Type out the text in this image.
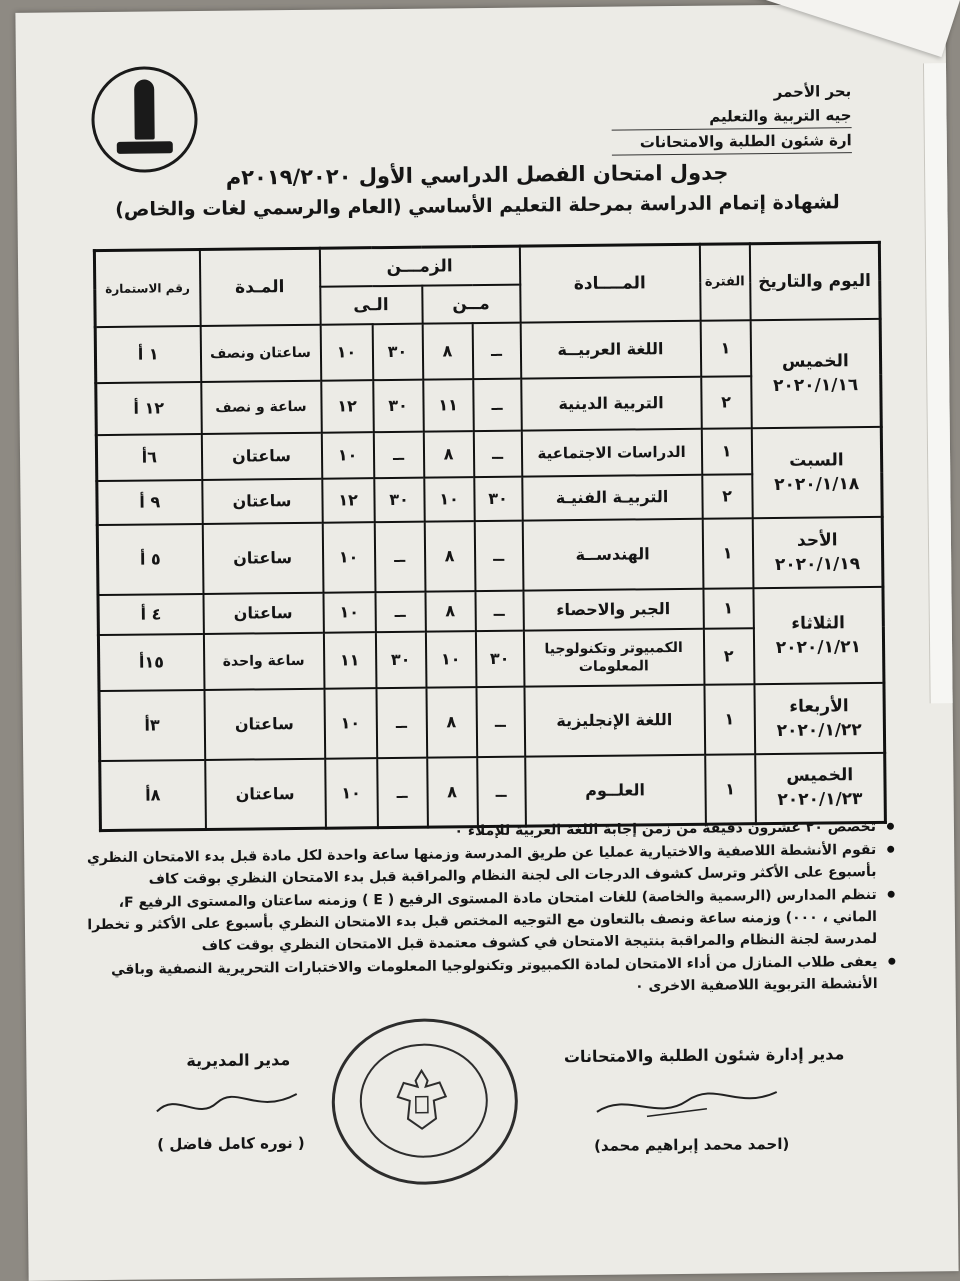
بحر الأحمر
جيه التربية والتعليم
ارة شئون الطلبة والامتحانات
جدول امتحان الفصل الدراسي الأول ٢٠١٩/٢٠٢٠م
لشهادة إتمام الدراسة بمرحلة التعليم الأساسي (العام والرسمي لغات والخاص)
اليوم والتاريخ	الفترة	المــــادة	الزمـــن				المـدة	رقم الاستمارة
			مــن		الـى			

الخميس
٢٠٢٠/١/١٦	١	اللغة العربيــة	ــ	٨	٣٠	١٠	ساعتان ونصف	١ أ
	٢	التربية الدينية	ــ	١١	٣٠	١٢	ساعة و نصف	١٢ أ

السبت
٢٠٢٠/١/١٨	١	الدراسات الاجتماعية	ــ	٨	ــ	١٠	ساعتان	٦أ
	٢	التربيـة الفنيـة	٣٠	١٠	٣٠	١٢	ساعتان	٩ أ

الأحد
٢٠٢٠/١/١٩	١	الهندســة	ــ	٨	ــ	١٠	ساعتان	٥ أ

الثلاثاء
٢٠٢٠/١/٢١	١	الجبر والاحصاء	ــ	٨	ــ	١٠	ساعتان	٤ أ
	٢	الكمبيوتر وتكنولوجيا المعلومات	٣٠	١٠	٣٠	١١	ساعة واحدة	١٥أ

الأربعاء
٢٠٢٠/١/٢٢	١	اللغة الإنجليزية	ــ	٨	ــ	١٠	ساعتان	٣أ

الخميس
٢٠٢٠/١/٢٣	١	العلــوم	ــ	٨	ــ	١٠	ساعتان	٨أ
تخصص ٢٠ عشرون دقيقة من زمن إجابة اللغة العربية للإملاء ٠
تقوم الأنشطة اللاصفية والاختيارية عمليا عن طريق المدرسة وزمنها ساعة واحدة لكل مادة قبل بدء الامتحان النظري بأسبوع على الأكثر وترسل كشوف الدرجات الى لجنة النظام والمراقبة قبل بدء الامتحان النظري بوقت كاف
تنظم المدارس (الرسمية والخاصة) للغات امتحان مادة المستوى الرفيع ( E ) وزمنه ساعتان والمستوى الرفيع F، الماني ، ٠٠٠) وزمنه ساعة ونصف بالتعاون مع التوجيه المختص قبل بدء الامتحان النظري بأسبوع على الأكثر و تخطرا لمدرسة لجنة النظام والمراقبة بنتيجة الامتحان في كشوف معتمدة قبل الامتحان النظري بوقت كاف
يعفى طلاب المنازل من أداء الامتحان لمادة الكمبيوتر وتكنولوجيا المعلومات والاختبارات التحريرية النصفية وباقي الأنشطة التربوية اللاصفية الاخرى ٠
مدير إدارة شئون الطلبة والامتحانات
(احمد محمد إبراهيم محمد)
مدير المديرية
( نوره كامل فاضل )
